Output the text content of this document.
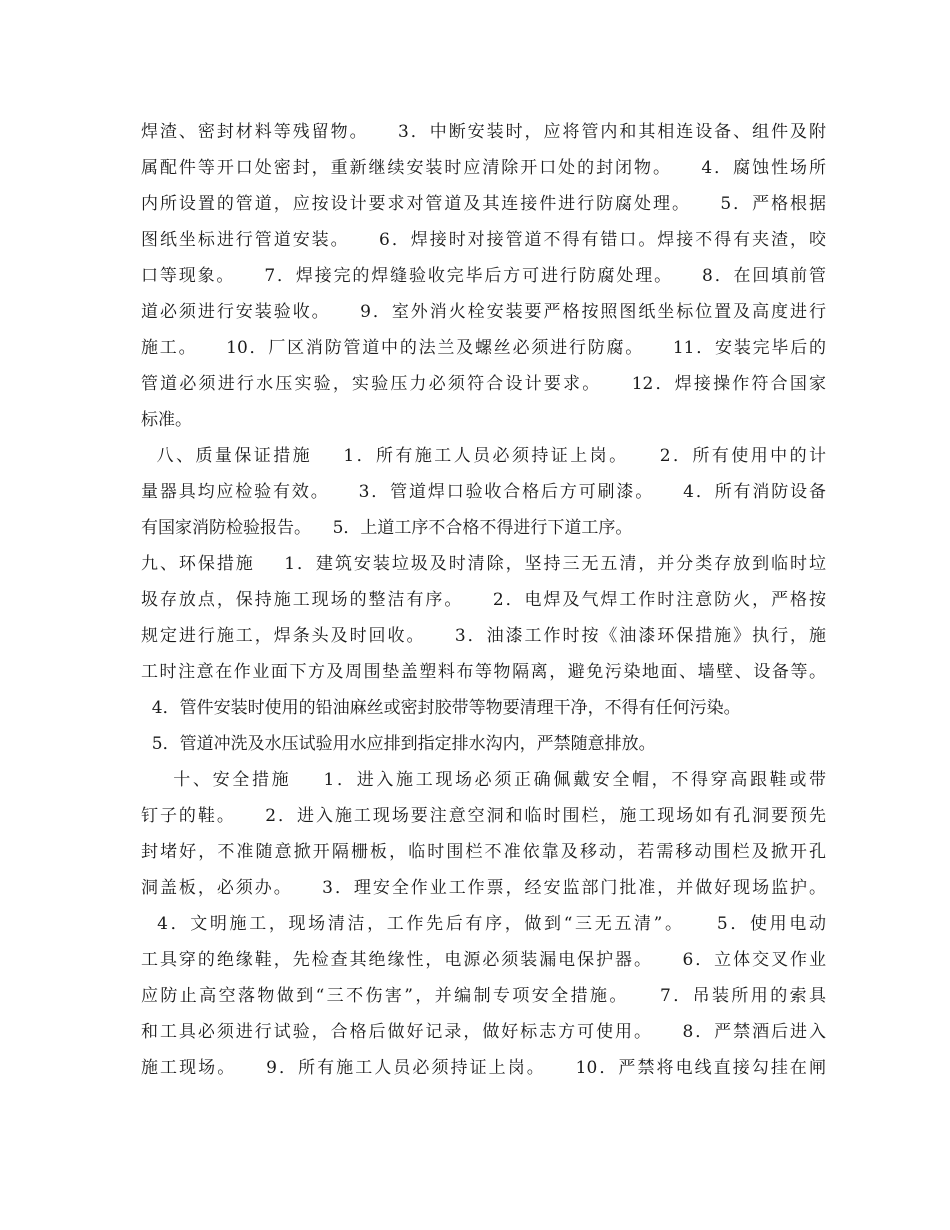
焊渣、密封材料等残留物。    3．中断安装时，应将管内和其相连设备、组件及附
属配件等开口处密封，重新继续安装时应清除开口处的封闭物。    4．腐蚀性场所
内所设置的管道，应按设计要求对管道及其连接件进行防腐处理。    5．严格根据
图纸坐标进行管道安装。    6．焊接时对接管道不得有错口。焊接不得有夹渣，咬
口等现象。    7．焊接完的焊缝验收完毕后方可进行防腐处理。    8．在回填前管
道必须进行安装验收。    9．室外消火栓安装要严格按照图纸坐标位置及高度进行
施工。    10．厂区消防管道中的法兰及螺丝必须进行防腐。    11．安装完毕后的
管道必须进行水压实验，实验压力必须符合设计要求。    12．焊接操作符合国家
标准。
八、质量保证措施    1．所有施工人员必须持证上岗。    2．所有使用中的计
量器具均应检验有效。    3．管道焊口验收合格后方可刷漆。    4．所有消防设备
有国家消防检验报告。    5．上道工序不合格不得进行下道工序。
九、环保措施    1．建筑安装垃圾及时清除，坚持三无五清，并分类存放到临时垃
圾存放点，保持施工现场的整洁有序。    2．电焊及气焊工作时注意防火，严格按
规定进行施工，焊条头及时回收。    3．油漆工作时按《油漆环保措施》执行，施
工时注意在作业面下方及周围垫盖塑料布等物隔离，避免污染地面、墙壁、设备等。
4．管件安装时使用的铅油麻丝或密封胶带等物要清理干净，不得有任何污染。
5．管道冲洗及水压试验用水应排到指定排水沟内，严禁随意排放。
十、安全措施    1．进入施工现场必须正确佩戴安全帽，不得穿高跟鞋或带
钉子的鞋。    2．进入施工现场要注意空洞和临时围栏，施工现场如有孔洞要预先
封堵好，不准随意掀开隔栅板，临时围栏不准依靠及移动，若需移动围栏及掀开孔
洞盖板，必须办。    3．理安全作业工作票，经安监部门批准，并做好现场监护。
4．文明施工，现场清洁，工作先后有序，做到“三无五清”。    5．使用电动
工具穿的绝缘鞋，先检查其绝缘性，电源必须装漏电保护器。    6．立体交叉作业
应防止高空落物做到“三不伤害”，并编制专项安全措施。    7．吊装所用的索具
和工具必须进行试验，合格后做好记录，做好标志方可使用。    8．严禁酒后进入
施工现场。    9．所有施工人员必须持证上岗。    10．严禁将电线直接勾挂在闸
